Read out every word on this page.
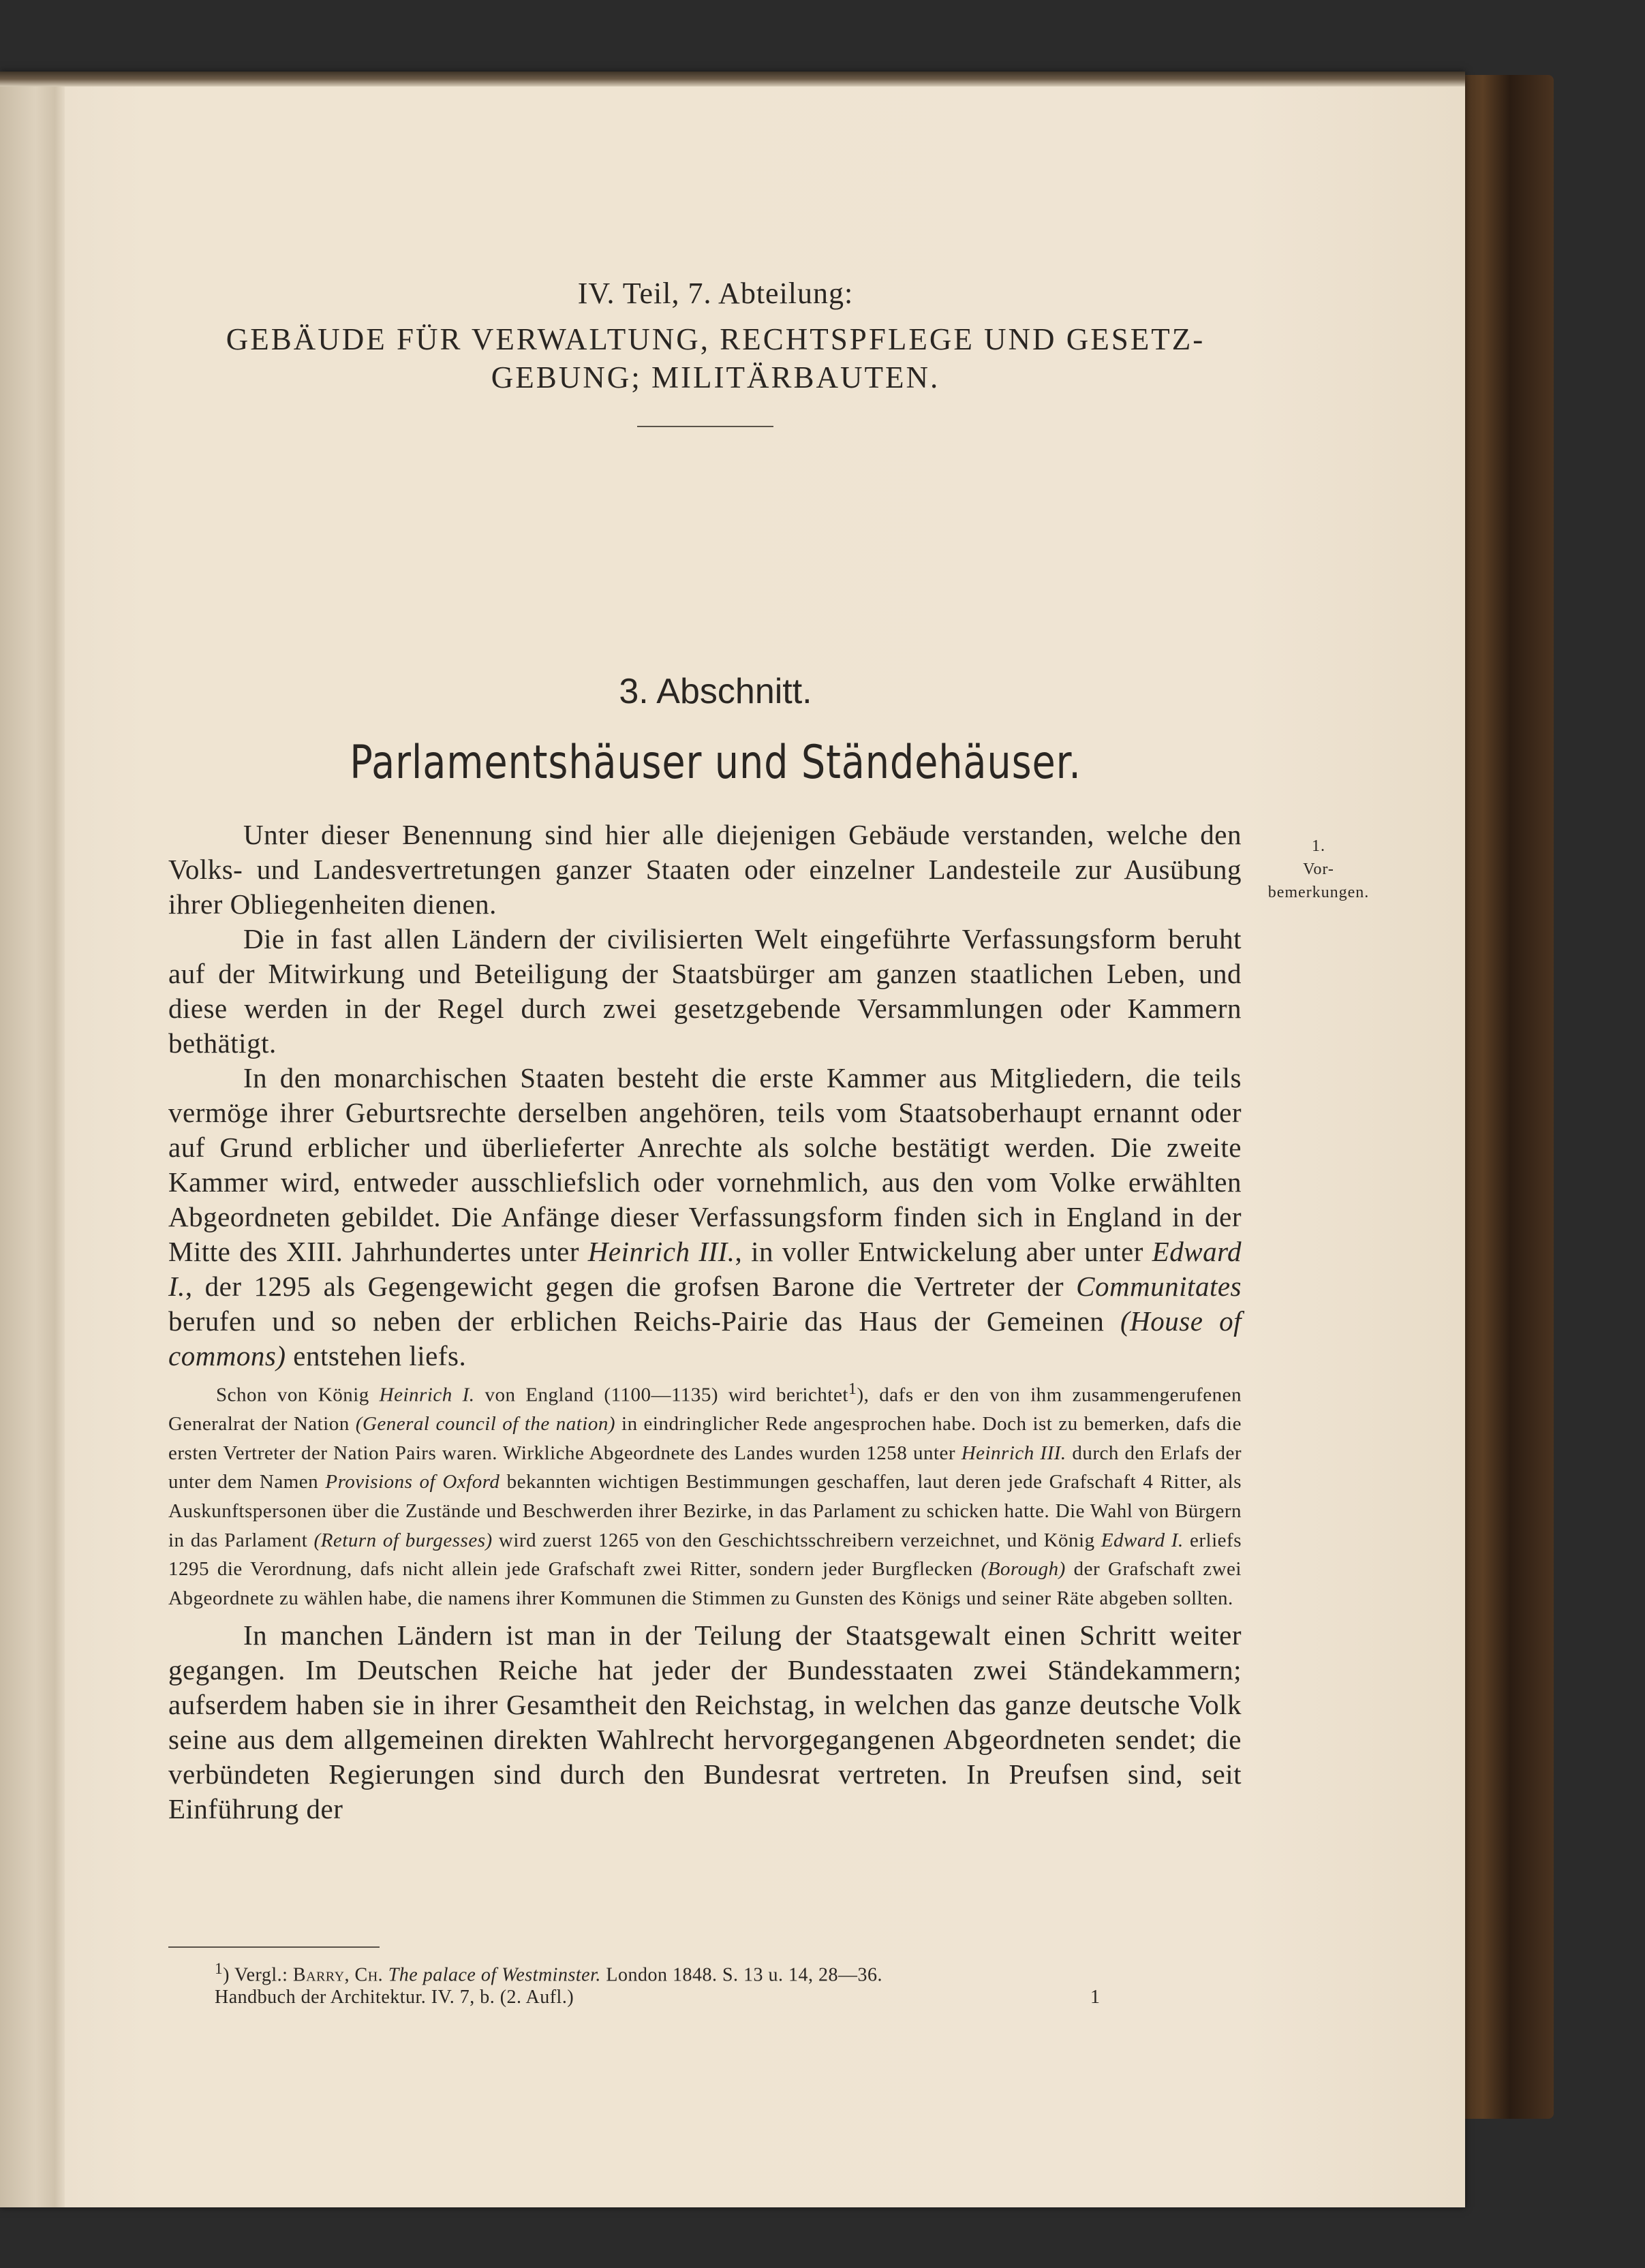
IV. Teil, 7. Abteilung:
GEBÄUDE FÜR VERWALTUNG, RECHTSPFLEGE UND GESETZ-
GEBUNG; MILITÄRBAUTEN.
3. Abschnitt.
Parlamentshäuser und Ständehäuser.
1.
Vor-
bemerkungen.

Unter dieser Benennung sind hier alle diejenigen Gebäude verstanden, welche den Volks- und Landesvertretungen ganzer Staaten oder einzelner Landesteile zur Ausübung ihrer Obliegenheiten dienen.

Die in fast allen Ländern der civilisierten Welt eingeführte Verfassungsform beruht auf der Mitwirkung und Beteiligung der Staatsbürger am ganzen staatlichen Leben, und diese werden in der Regel durch zwei gesetzgebende Versammlungen oder Kammern bethätigt.

In den monarchischen Staaten besteht die erste Kammer aus Mitgliedern, die teils vermöge ihrer Geburtsrechte derselben angehören, teils vom Staatsoberhaupt ernannt oder auf Grund erblicher und überlieferter Anrechte als solche bestätigt werden. Die zweite Kammer wird, entweder ausschliefslich oder vornehmlich, aus den vom Volke erwählten Abgeordneten gebildet. Die Anfänge dieser Verfassungsform finden sich in England in der Mitte des XIII. Jahrhundertes unter Heinrich III., in voller Entwickelung aber unter Edward I., der 1295 als Gegengewicht gegen die grofsen Barone die Vertreter der Communitates berufen und so neben der erblichen Reichs-Pairie das Haus der Gemeinen (House of commons) entstehen liefs.

Schon von König Heinrich I. von England (1100—1135) wird berichtet$^1$), dafs er den von ihm zusammengerufenen Generalrat der Nation (General council of the nation) in eindringlicher Rede angesprochen habe. Doch ist zu bemerken, dafs die ersten Vertreter der Nation Pairs waren. Wirkliche Abgeordnete des Landes wurden 1258 unter Heinrich III. durch den Erlafs der unter dem Namen Provisions of Oxford bekannten wichtigen Bestimmungen geschaffen, laut deren jede Grafschaft 4 Ritter, als Auskunftspersonen über die Zustände und Beschwerden ihrer Bezirke, in das Parlament zu schicken hatte. Die Wahl von Bürgern in das Parlament (Return of burgesses) wird zuerst 1265 von den Geschichtsschreibern verzeichnet, und König Edward I. erliefs 1295 die Verordnung, dafs nicht allein jede Grafschaft zwei Ritter, sondern jeder Burgflecken (Borough) der Grafschaft zwei Abgeordnete zu wählen habe, die namens ihrer Kommunen die Stimmen zu Gunsten des Königs und seiner Räte abgeben sollten.

In manchen Ländern ist man in der Teilung der Staatsgewalt einen Schritt weiter gegangen. Im Deutschen Reiche hat jeder der Bundesstaaten zwei Ständekammern; aufserdem haben sie in ihrer Gesamtheit den Reichstag, in welchen das ganze deutsche Volk seine aus dem allgemeinen direkten Wahlrecht hervorgegangenen Abgeordneten sendet; die verbündeten Regierungen sind durch den Bundesrat vertreten. In Preufsen sind, seit Einführung der

$^1$) Vergl.: Barry, Ch. The palace of Westminster. London 1848. S. 13 u. 14, 28—36.
Handbuch der Architektur. IV. 7, b. (2. Aufl.)	1
